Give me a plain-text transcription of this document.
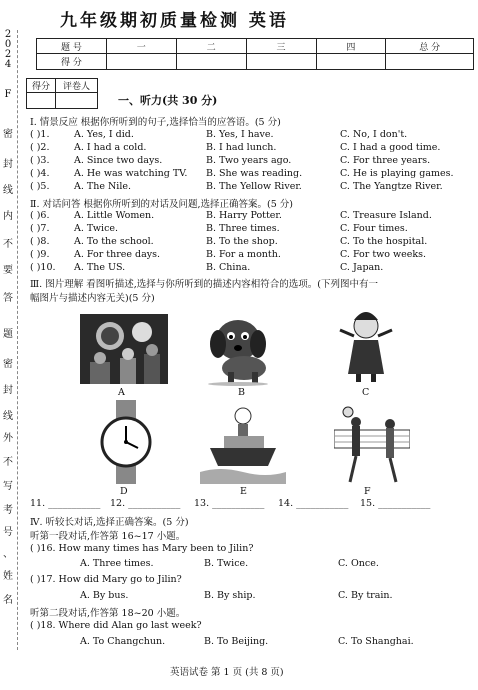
2
0
2
4
F
密
封
线
内
不
要
答
题
密
封
线
外
不
写
考
号
、
姓
名
九年级期初质量检测 英语
题 号	一	二	三	四	总 分
得 分					
得分	评卷人

一、听力(共 30 分)
Ⅰ. 情景反应 根据你所听到的句子,选择恰当的应答语。(5 分)
( )1.	A. Yes, I did.	B. Yes, I have.	C. No, I don't.
( )2.	A. I had a cold.	B. I had lunch.	C. I had a good time.
( )3.	A. Since two days.	B. Two years ago.	C. For three years.
( )4.	A. He was watching TV. B. She was reading.	C. He is playing games.
( )5.	A. The Nile.	B. The Yellow River.	C. The Yangtze River.
Ⅱ. 对话问答 根据你所听到的对话及问题,选择正确答案。(5 分)
( )6.	A. Little Women.	B. Harry Potter.	C. Treasure Island.
( )7.	A. Twice.	B. Three times.	C. Four times.
( )8.	A. To the school.	B. To the shop.	C. To the hospital.
( )9.	A. For three days.	B. For a month.	C. For two weeks.
( )10. A. The US.	B. China.	C. Japan.
Ⅲ. 图片理解 看图听描述,选择与你所听到的描述内容相符合的选项。(下列图中有一
幅图片与描述内容无关)(5 分)
A	B	C
D	E	F
11. ___________ 12. ___________ 13. ___________ 14. ___________ 15. ___________
Ⅳ. 听较长对话,选择正确答案。(5 分)
听第一段对话,作答第 16~17 小题。
( )16. How many times has Mary been to Jilin?
A. Three times.	B. Twice.	C. Once.
( )17. How did Mary go to Jilin?
A. By bus.	B. By ship.	C. By train.
听第二段对话,作答第 18~20 小题。
( )18. Where did Alan go last week?
A. To Changchun.	B. To Beijing.	C. To Shanghai.
英语试卷 第 1 页 (共 8 页)
